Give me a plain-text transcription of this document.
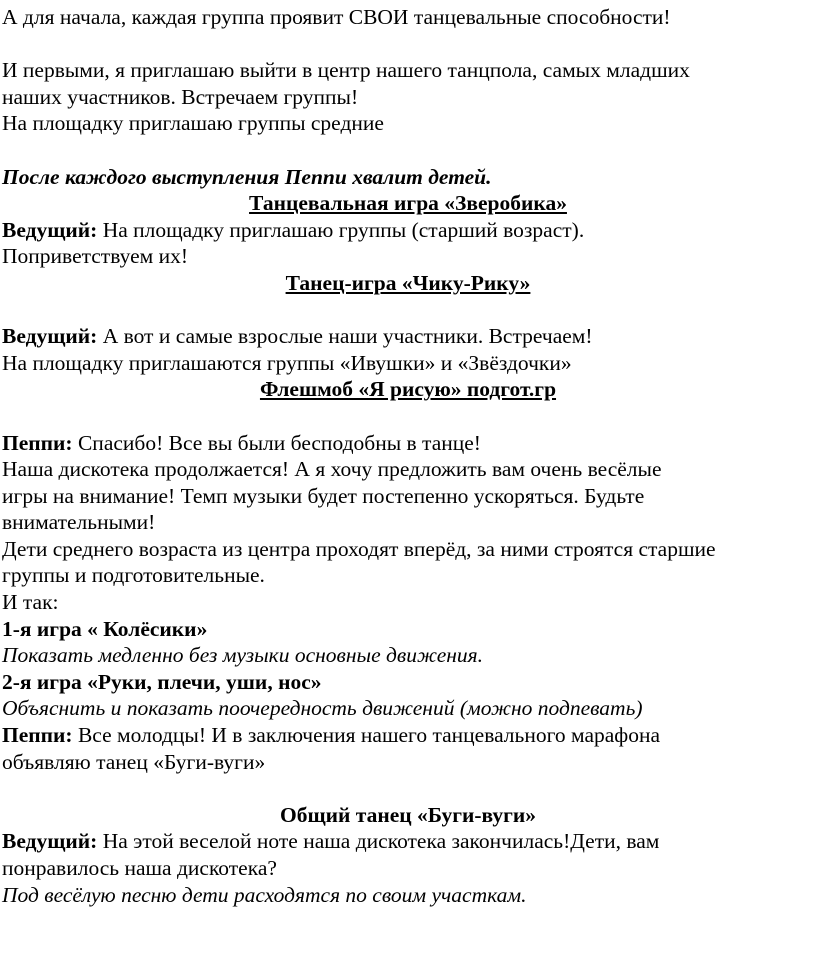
А для начала, каждая группа проявит СВОИ танцевальные способности!
И первыми, я приглашаю выйти в центр нашего танцпола, самых младших
наших участников. Встречаем группы!
На площадку приглашаю группы средние
После каждого выступления Пеппи хвалит детей.
Танцевальная игра «Зверобика»
Ведущий: На площадку приглашаю группы (старший возраст).
Поприветствуем их!
Танец-игра «Чику-Рику»
Ведущий: А вот и самые взрослые наши участники. Встречаем!
На площадку приглашаются группы «Ивушки» и «Звёздочки»
Флешмоб «Я рисую» подгот.гр
Пеппи: Спасибо! Все вы были бесподобны в танце!
Наша дискотека продолжается! А я хочу предложить вам очень весёлые
игры на внимание! Темп музыки будет постепенно ускоряться. Будьте
внимательными!
Дети среднего возраста из центра проходят вперёд, за ними строятся старшие
группы и подготовительные.
И так:
1-я игра « Колёсики»
Показать медленно без музыки основные движения.
2-я игра «Руки, плечи, уши, нос»
Объяснить и показать поочередность движений (можно подпевать)
Пеппи: Все молодцы! И в заключения нашего танцевального марафона
объявляю танец «Буги-вуги»
Общий танец «Буги-вуги»
Ведущий: На этой веселой ноте наша дискотека закончилась!Дети, вам
понравилось наша дискотека?
Под весёлую песню дети расходятся по своим участкам.
